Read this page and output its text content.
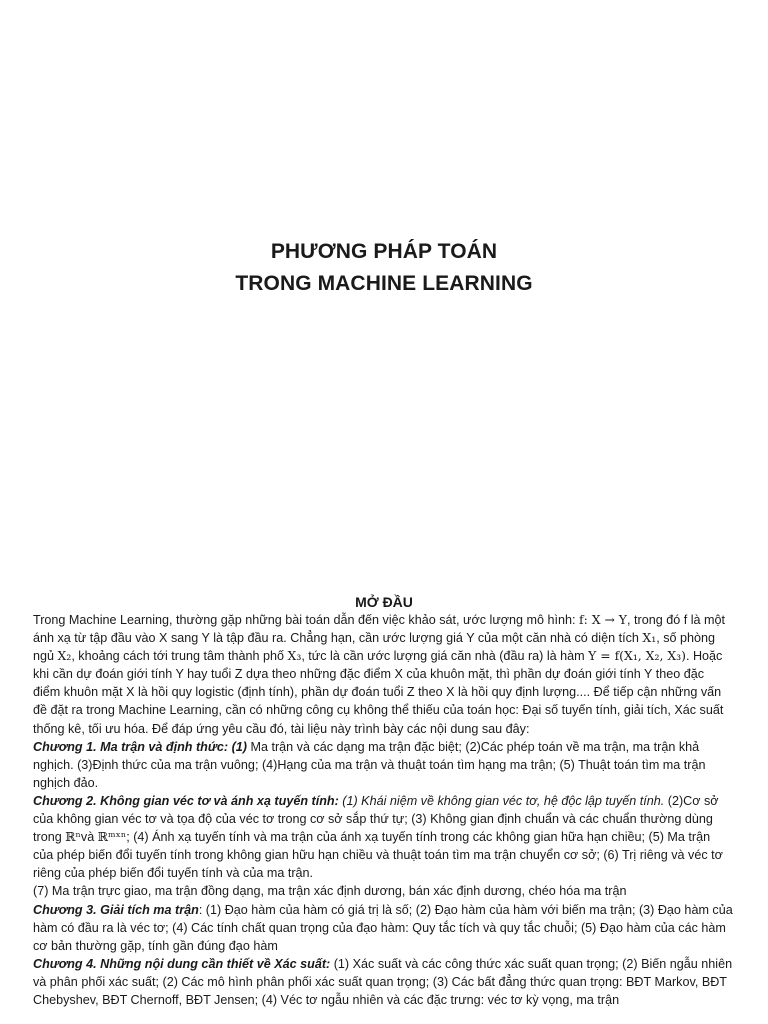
PHƯƠNG PHÁP TOÁN
TRONG MACHINE LEARNING
MỞ ĐẦU

Trong Machine Learning, thường gặp những bài toán dẫn đến việc khảo sát, ước lượng mô hình: f: X → Y, trong đó f là một ánh xạ từ tập đầu vào X sang Y là tập đầu ra. Chẳng hạn, cần ước lượng giá Y của một căn nhà có diện tích X₁, số phòng ngủ X₂, khoảng cách tới trung tâm thành phố X₃, tức là cần ước lượng giá căn nhà (đầu ra) là hàm Y = f(X₁, X₂, X₃). Hoặc khi cần dự đoán giới tính Y hay tuổi Z dựa theo những đặc điểm X của khuôn mặt, thì phần dự đoán giới tính Y theo đặc điểm khuôn mặt X là hồi quy logistic (định tính), phần dự đoán tuổi Z theo X là hồi quy định lượng.... Để tiếp cận những vấn đề đặt ra trong Machine Learning, cần có những công cụ không thể thiếu của toán học: Đại số tuyến tính, giải tích, Xác suất thống kê, tối ưu hóa. Để đáp ứng yêu cầu đó, tài liệu này trình bày các nội dung sau đây:

Chương 1. Ma trận và định thức: (1) Ma trận và các dạng ma trận đặc biệt; (2)Các phép toán về ma trận, ma trận khả nghịch. (3)Định thức của ma trận vuông; (4)Hạng của ma trận và thuật toán tìm hạng ma trận; (5) Thuật toán tìm ma trận nghịch đảo.

Chương 2. Không gian véc tơ và ánh xạ tuyến tính: (1) Khái niệm về không gian véc tơ, hệ độc lập tuyến tính. (2)Cơ sở của không gian véc tơ và tọa độ của véc tơ trong cơ sở sắp thứ tự; (3) Không gian định chuẩn và các chuẩn thường dùng trong ℝⁿvà ℝᵐˣⁿ; (4) Ánh xạ tuyến tính và ma trận của ánh xạ tuyến tính trong các không gian hữa hạn chiều; (5) Ma trận của phép biến đổi tuyến tính trong không gian hữu hạn chiều và thuật toán tìm ma trận chuyển cơ sở; (6) Trị riêng và véc tơ riêng của phép biến đổi tuyến tính và của ma trận.

(7) Ma trận trực giao, ma trận đồng dạng, ma trận xác định dương, bán xác định dương, chéo hóa ma trận

Chương 3. Giải tích ma trận: (1) Đạo hàm của hàm có giá trị là số; (2) Đạo hàm của hàm với biến ma trận; (3) Đạo hàm của hàm có đầu ra là véc tơ; (4) Các tính chất quan trọng của đạo hàm: Quy tắc tích và quy tắc chuỗi; (5) Đạo hàm của các hàm cơ bản thường gặp, tính gần đúng đạo hàm

Chương 4. Những nội dung cần thiết về Xác suất: (1) Xác suất và các công thức xác suất quan trọng; (2) Biến ngẫu nhiên và phân phối xác suất; (2) Các mô hình phân phối xác suất quan trọng; (3) Các bất đẳng thức quan trọng: BĐT Markov, BĐT Chebyshev, BĐT Chernoff, BĐT Jensen; (4) Véc tơ ngẫu nhiên và các đặc trưng: véc tơ kỳ vọng, ma trận
